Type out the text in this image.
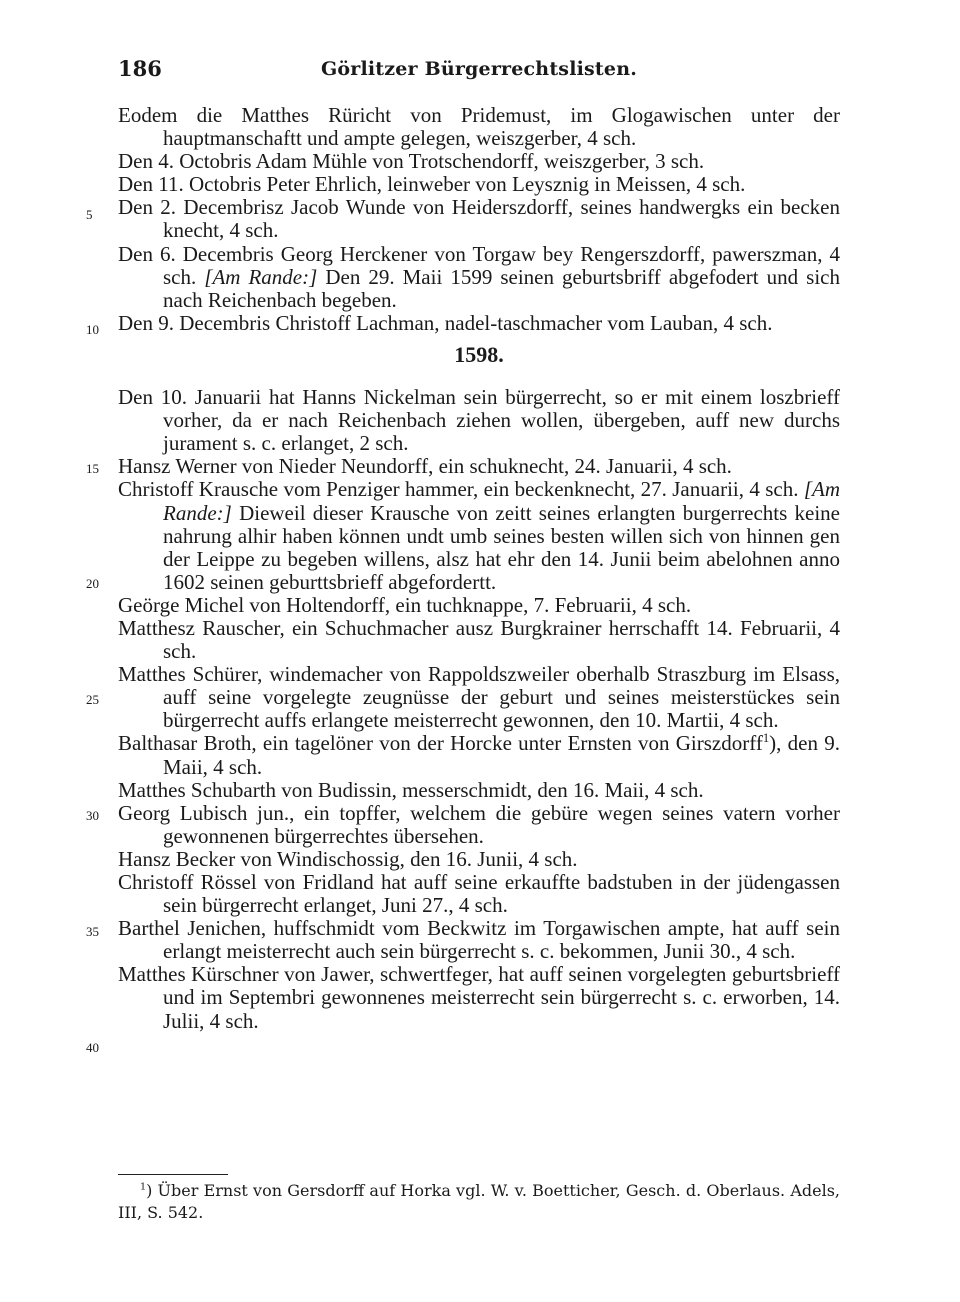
186	Görlitzer Bürgerrechtslisten.
5
10
15
20
25
30
35
40

Eodem die Matthes Rüricht von Pridemust, im Glogawischen unter der hauptmanschaftt und ampte gelegen, weiszgerber, 4 sch.

Den 4. Octobris Adam Mühle von Trotschendorff, weiszgerber, 3 sch.

Den 11. Octobris Peter Ehrlich, leinweber von Leysznig in Meissen, 4 sch.

Den 2. Decembrisz Jacob Wunde von Heiderszdorff, seines handwergks ein becken knecht, 4 sch.

Den 6. Decembris Georg Herckener von Torgaw bey Rengerszdorff, pawerszman, 4 sch. [Am Rande:] Den 29. Maii 1599 seinen geburtsbriff abgefodert und sich nach Reichenbach begeben.

Den 9. Decembris Christoff Lachman, nadel-taschmacher vom Lauban, 4 sch.

1598.

Den 10. Januarii hat Hanns Nickelman sein bürgerrecht, so er mit einem loszbrieff vorher, da er nach Reichenbach ziehen wollen, übergeben, auff new durchs jurament s. c. erlanget, 2 sch.

Hansz Werner von Nieder Neundorff, ein schuknecht, 24. Januarii, 4 sch.

Christoff Krausche vom Penziger hammer, ein beckenknecht, 27. Januarii, 4 sch. [Am Rande:] Dieweil dieser Krausche von zeitt seines erlangten burgerrechts keine nahrung alhir haben können undt umb seines besten willen sich von hinnen gen der Leippe zu begeben willens, alsz hat ehr den 14. Junii beim abelohnen anno 1602 seinen geburttsbrieff abgefordertt.

Geörge Michel von Holtendorff, ein tuchknappe, 7. Februarii, 4 sch.

Matthesz Rauscher, ein Schuchmacher ausz Burgkrainer herrschafft 14. Februarii, 4 sch.

Matthes Schürer, windemacher von Rappoldszweiler oberhalb Straszburg im Elsass, auff seine vorgelegte zeugnüsse der geburt und seines meisterstückes sein bürgerrecht auffs erlangete meisterrecht gewonnen, den 10. Martii, 4 sch.

Balthasar Broth, ein tagelöner von der Horcke unter Ernsten von Girszdorff$^1$), den 9. Maii, 4 sch.

Matthes Schubarth von Budissin, messerschmidt, den 16. Maii, 4 sch.

Georg Lubisch jun., ein topffer, welchem die gebüre wegen seines vatern vorher gewonnenen bürgerrechtes übersehen.

Hansz Becker von Windischossig, den 16. Junii, 4 sch.

Christoff Rössel von Fridland hat auff seine erkauffte badstuben in der jüdengassen sein bürgerrecht erlanget, Juni 27., 4 sch.

Barthel Jenichen, huffschmidt vom Beckwitz im Torgawischen ampte, hat auff sein erlangt meisterrecht auch sein bürgerrecht s. c. bekommen, Junii 30., 4 sch.

Matthes Kürschner von Jawer, schwertfeger, hat auff seinen vorgelegten geburtsbrieff und im Septembri gewonnenes meisterrecht sein bürgerrecht s. c. erworben, 14. Julii, 4 sch.

$^1$) Über Ernst von Gersdorff auf Horka vgl. W. v. Boetticher, Gesch. d. Oberlaus. Adels, III, S. 542.
